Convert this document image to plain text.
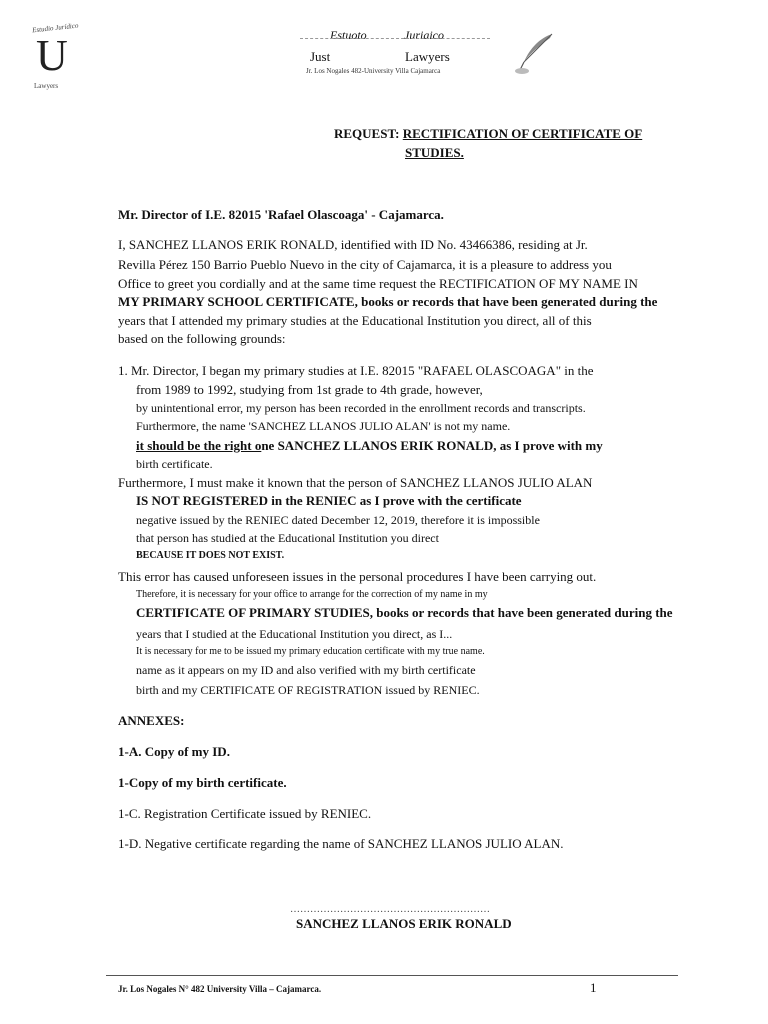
Estudio Jurídico
U
Lawyers
Estuoto	Juriaico
Just	Lawyers
Jr. Los Nogales 482-University Villa Cajamarca
REQUEST: RECTIFICATION OF CERTIFICATE OF
STUDIES.
Mr. Director of I.E. 82015 'Rafael Olascoaga' - Cajamarca.
I, SANCHEZ LLANOS ERIK RONALD, identified with ID No. 43466386, residing at Jr.
Revilla Pérez 150 Barrio Pueblo Nuevo in the city of Cajamarca, it is a pleasure to address you
Office to greet you cordially and at the same time request the RECTIFICATION OF MY NAME IN
MY PRIMARY SCHOOL CERTIFICATE, books or records that have been generated during the
years that I attended my primary studies at the Educational Institution you direct, all of this
based on the following grounds:
1. Mr. Director, I began my primary studies at I.E. 82015 "RAFAEL OLASCOAGA" in the
from 1989 to 1992, studying from 1st grade to 4th grade, however,
by unintentional error, my person has been recorded in the enrollment records and transcripts.
Furthermore, the name 'SANCHEZ LLANOS JULIO ALAN' is not my name.
it should be the right one SANCHEZ LLANOS ERIK RONALD, as I prove with my
birth certificate.
Furthermore, I must make it known that the person of SANCHEZ LLANOS JULIO ALAN
IS NOT REGISTERED in the RENIEC as I prove with the certificate
negative issued by the RENIEC dated December 12, 2019, therefore it is impossible
that person has studied at the Educational Institution you direct
BECAUSE IT DOES NOT EXIST.
This error has caused unforeseen issues in the personal procedures I have been carrying out.
Therefore, it is necessary for your office to arrange for the correction of my name in my
CERTIFICATE OF PRIMARY STUDIES, books or records that have been generated during the
years that I studied at the Educational Institution you direct, as I...
It is necessary for me to be issued my primary education certificate with my true name.
name as it appears on my ID and also verified with my birth certificate
birth and my CERTIFICATE OF REGISTRATION issued by RENIEC.
ANNEXES:
1-A. Copy of my ID.
1-Copy of my birth certificate.
1-C. Registration Certificate issued by RENIEC.
1-D. Negative certificate regarding the name of SANCHEZ LLANOS JULIO ALAN.
……………………………………………………
SANCHEZ LLANOS ERIK RONALD
Jr. Los Nogales N° 482 University Villa – Cajamarca.	1
